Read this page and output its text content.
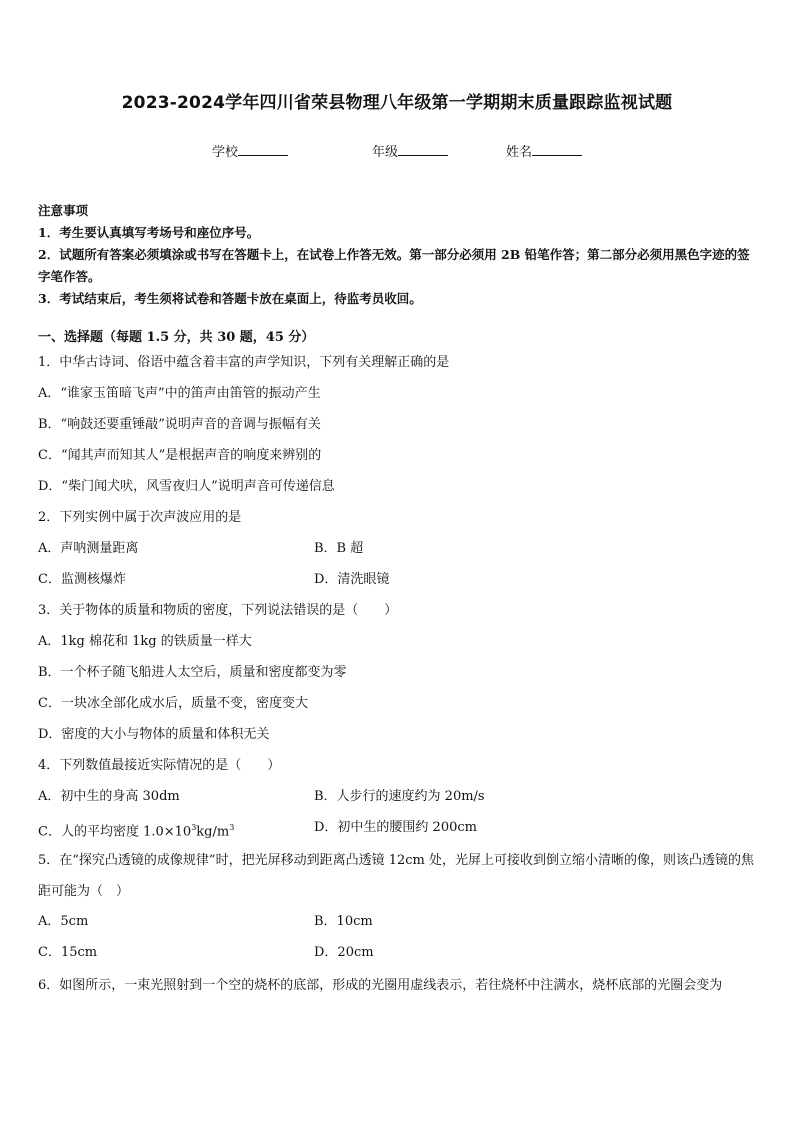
2023-2024学年四川省荣县物理八年级第一学期期末质量跟踪监视试题
学校	年级	姓名
注意事项
1．考生要认真填写考场号和座位序号。
2．试题所有答案必须填涂或书写在答题卡上，在试卷上作答无效。第一部分必须用 2B 铅笔作答；第二部分必须用黑色字迹的签字笔作答。
3．考试结束后，考生须将试卷和答题卡放在桌面上，待监考员收回。
一、选择题（每题 1.5 分，共 30 题，45 分）
1．中华古诗词、俗语中蕴含着丰富的声学知识，下列有关理解正确的是
A．“谁家玉笛暗飞声”中的笛声由笛管的振动产生
B．“响鼓还要重锤敲”说明声音的音调与振幅有关
C．“闻其声而知其人”是根据声音的响度来辨别的
D．“柴门闻犬吠，风雪夜归人”说明声音可传递信息
2．下列实例中属于次声波应用的是
A．声呐测量距离	B．B 超
C．监测核爆炸	D．清洗眼镜
3．关于物体的质量和物质的密度，下列说法错误的是（　　）
A．1kg 棉花和 1kg 的铁质量一样大
B．一个杯子随飞船进人太空后，质量和密度都变为零
C．一块冰全部化成水后，质量不变，密度变大
D．密度的大小与物体的质量和体积无关
4．下列数值最接近实际情况的是（　　）
A．初中生的身高 30dm	B．人步行的速度约为 20m/s
C．人的平均密度 $1.0\times 10^3kg/m^3$	D．初中生的腰围约 200cm
5．在“探究凸透镜的成像规律”时，把光屏移动到距离凸透镜 12cm 处，光屏上可接收到倒立缩小清晰的像，则该凸透镜的焦距可能为（　）
A．5cm	B．10cm
C．15cm	D．20cm
6．如图所示，一束光照射到一个空的烧杯的底部，形成的光圈用虚线表示，若往烧杯中注满水，烧杯底部的光圈会变为
